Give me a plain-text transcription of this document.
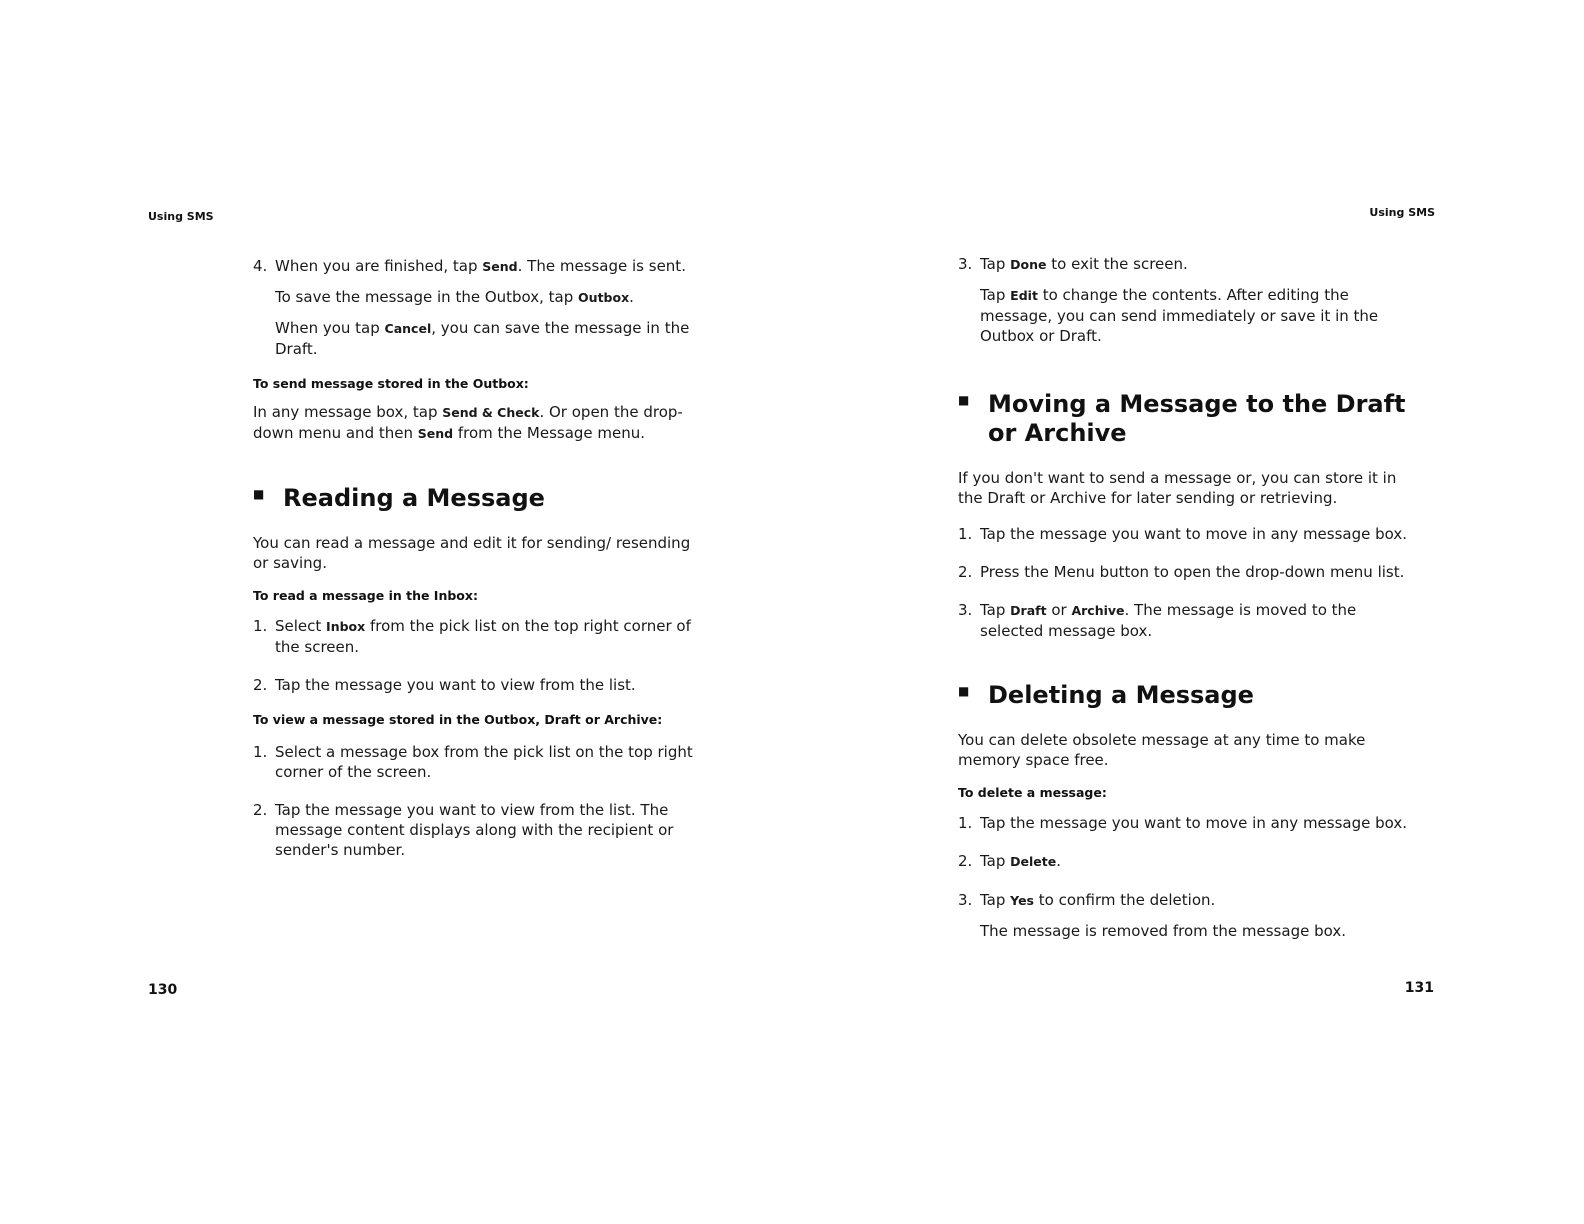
Using SMS	Using SMS

4. When you are finished, tap Send. The message is sent.

To save the message in the Outbox, tap Outbox.

When you tap Cancel, you can save the message in the Draft.

To send message stored in the Outbox:

In any message box, tap Send & Check. Or open the drop-down menu and then Send from the Message menu.

■ Reading a Message

You can read a message and edit it for sending/ resending or saving.

To read a message in the Inbox:

1. Select Inbox from the pick list on the top right corner of the screen.

2. Tap the message you want to view from the list.

To view a message stored in the Outbox, Draft or Archive:

1. Select a message box from the pick list on the top right corner of the screen.

2. Tap the message you want to view from the list. The message content displays along with the recipient or sender's number.

3. Tap Done to exit the screen.

Tap Edit to change the contents. After editing the message, you can send immediately or save it in the Outbox or Draft.

■ Moving a Message to the Draft or Archive

If you don't want to send a message or, you can store it in the Draft or Archive for later sending or retrieving.

1. Tap the message you want to move in any message box.

2. Press the Menu button to open the drop-down menu list.

3. Tap Draft or Archive. The message is moved to the selected message box.

■ Deleting a Message

You can delete obsolete message at any time to make memory space free.

To delete a message:

1. Tap the message you want to move in any message box.

2. Tap Delete.

3. Tap Yes to confirm the deletion.

The message is removed from the message box.

130	131
